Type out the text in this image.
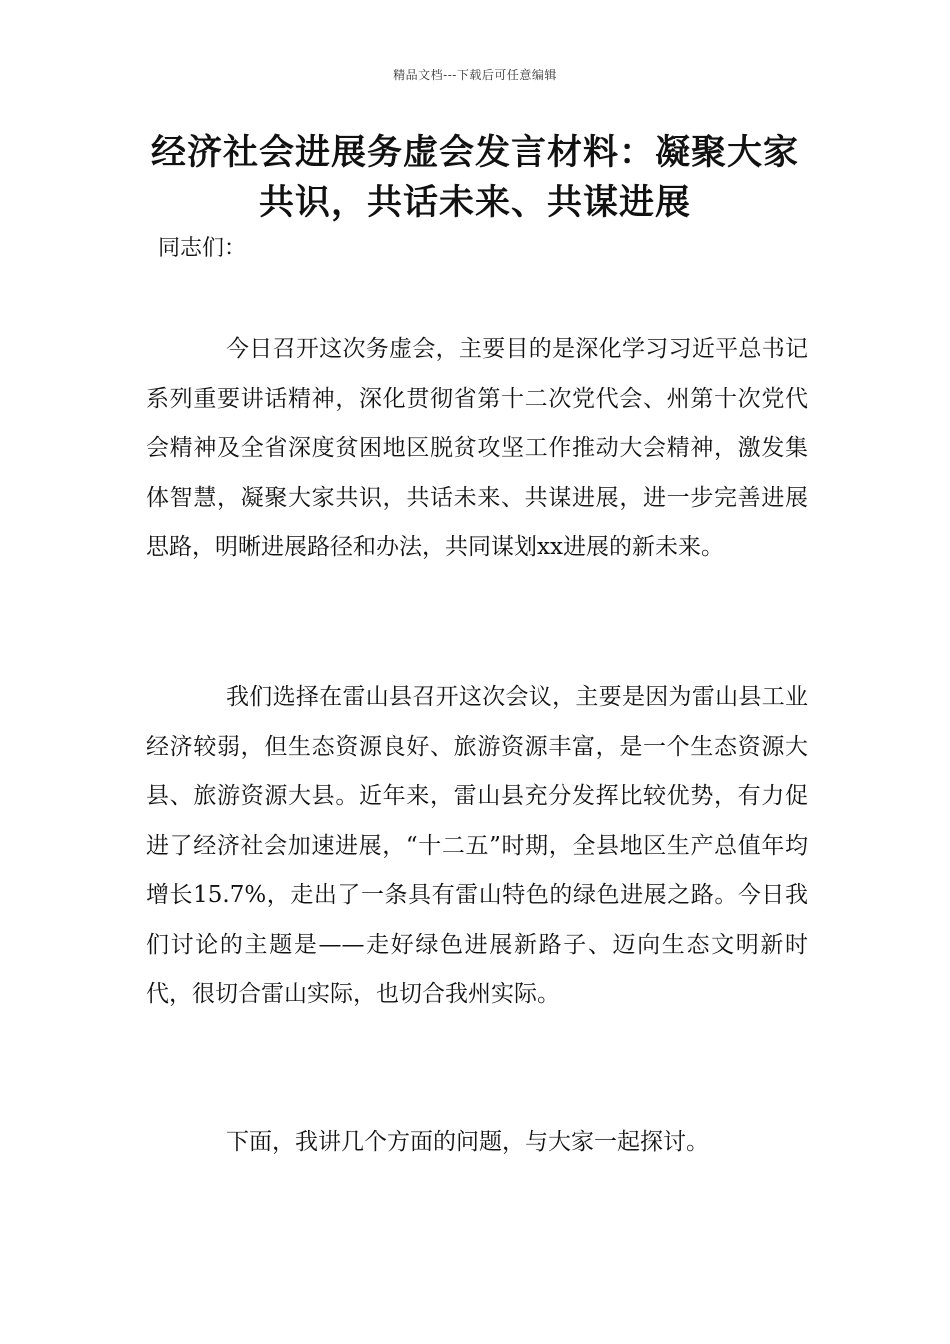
精品文档---下载后可任意编辑
经济社会进展务虚会发言材料：凝聚大家共识，共话未来、共谋进展
同志们：

今日召开这次务虚会，主要目的是深化学习习近平总书记系列重要讲话精神，深化贯彻省第十二次党代会、州第十次党代会精神及全省深度贫困地区脱贫攻坚工作推动大会精神，激发集体智慧，凝聚大家共识，共话未来、共谋进展，进一步完善进展思路，明晰进展路径和办法，共同谋划xx进展的新未来。

我们选择在雷山县召开这次会议，主要是因为雷山县工业经济较弱，但生态资源良好、旅游资源丰富，是一个生态资源大县、旅游资源大县。近年来，雷山县充分发挥比较优势，有力促进了经济社会加速进展，“十二五”时期，全县地区生产总值年均增长15.7%，走出了一条具有雷山特色的绿色进展之路。今日我们讨论的主题是——走好绿色进展新路子、迈向生态文明新时代，很切合雷山实际，也切合我州实际。

下面，我讲几个方面的问题，与大家一起探讨。
